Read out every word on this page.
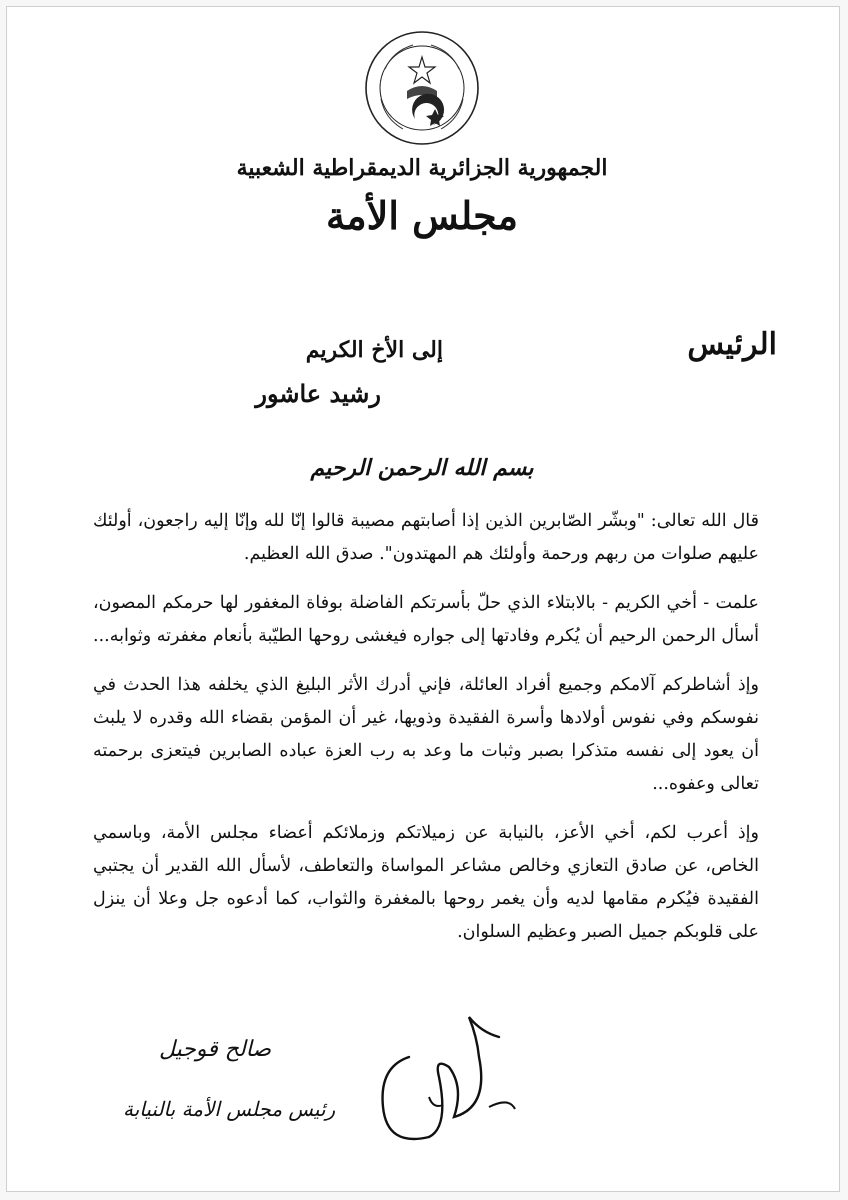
الجمهورية الجزائرية الديمقراطية الشعبية
مجلس الأمة
الرئيس
إلى الأخ الكريم
رشيد عاشور
بسم الله الرحمن الرحيم

قال الله تعالى: "وبشّر الصّابرين الذين إذا أصابتهم مصيبة قالوا إنّا لله وإنّا إليه راجعون، أولئك عليهم صلوات من ربهم ورحمة وأولئك هم المهتدون". صدق الله العظيم.

علمت - أخي الكريم - بالابتلاء الذي حلّ بأسرتكم الفاضلة بوفاة المغفور لها حرمكم المصون، أسأل الرحمن الرحيم أن يُكرم وفادتها إلى جواره فيغشى روحها الطيّبة بأنعام مغفرته وثوابه...

وإذ أشاطركم آلامكم وجميع أفراد العائلة، فإني أدرك الأثر البليغ الذي يخلفه هذا الحدث في نفوسكم وفي نفوس أولادها وأسرة الفقيدة وذويها، غير أن المؤمن بقضاء الله وقدره لا يلبث أن يعود إلى نفسه متذكرا بصبر وثبات ما وعد به رب العزة عباده الصابرين فيتعزى برحمته تعالى وعفوه...

وإذ أعرب لكم، أخي الأعز، بالنيابة عن زميلاتكم وزملائكم أعضاء مجلس الأمة، وباسمي الخاص، عن صادق التعازي وخالص مشاعر المواساة والتعاطف، لأسأل الله القدير أن يجتبي الفقيدة فيُكرم مقامها لديه وأن يغمر روحها بالمغفرة والثواب، كما أدعوه جل وعلا أن ينزل على قلوبكم جميل الصبر وعظيم السلوان.

صالح قوجيل
رئيس مجلس الأمة بالنيابة
